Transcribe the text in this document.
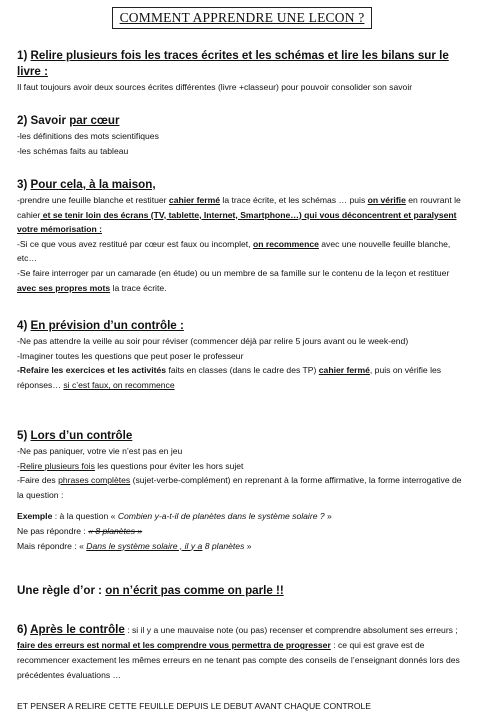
COMMENT APPRENDRE UNE LECON ?

1) Relire plusieurs fois les traces écrites et les schémas et lire les bilans sur le livre :

Il faut toujours avoir deux sources écrites différentes (livre +classeur) pour pouvoir consolider son savoir

2) Savoir par cœur

-les définitions des mots scientifiques

-les schémas faits au tableau

3) Pour cela, à la maison,

-prendre une feuille blanche et restituer cahier fermé la trace écrite, et les schémas … puis on vérifie en rouvrant le cahier et se tenir loin des écrans (TV, tablette, Internet, Smartphone…) qui vous déconcentrent et paralysent votre mémorisation :

-Si ce que vous avez restitué par cœur est faux ou incomplet, on recommence avec une nouvelle feuille blanche, etc…

-Se faire interroger par un camarade (en étude) ou un membre de sa famille sur le contenu de la leçon et restituer avec ses propres mots la trace écrite.

4) En prévision d’un contrôle :

-Ne pas attendre la veille au soir pour réviser (commencer déjà par relire 5 jours avant ou le week-end)

-Imaginer toutes les questions que peut poser le professeur

-Refaire les exercices et les activités faits en classes (dans le cadre des TP) cahier fermé, puis on vérifie les réponses… si c’est faux, on recommence

5) Lors d’un contrôle

-Ne pas paniquer, votre vie n’est pas en jeu

-Relire plusieurs fois les questions pour éviter les hors sujet

-Faire des phrases complètes (sujet-verbe-complément) en reprenant à la forme affirmative, la forme interrogative de la question :

Exemple : à la question « Combien y-a-t-il de planètes dans le système solaire ? »

Ne pas répondre : « 8 planètes »

Mais répondre : « Dans le système solaire , il y a 8 planètes »

Une règle d’or : on n’écrit pas comme on parle !!

6) Après le contrôle : si il y a une mauvaise note (ou pas) recenser et comprendre absolument ses erreurs ; faire des erreurs est normal et les comprendre vous permettra de progresser : ce qui est grave est de recommencer exactement les mêmes erreurs en ne tenant pas compte des conseils de l’enseignant donnés lors des précédentes évaluations …

ET PENSER A RELIRE CETTE FEUILLE DEPUIS LE DEBUT AVANT CHAQUE CONTROLE
